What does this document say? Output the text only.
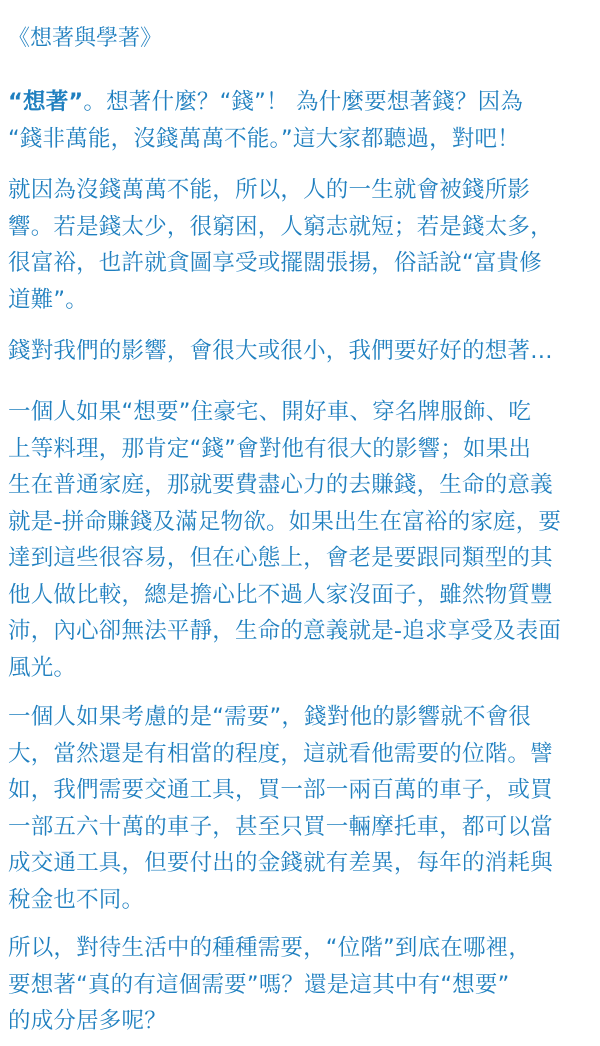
《想著與學著》
“想著”。想著什麼？“錢”！ 為什麼要想著錢？因為
“錢非萬能，沒錢萬萬不能。”這大家都聽過，對吧！
就因為沒錢萬萬不能，所以，人的一生就會被錢所影
響。若是錢太少，很窮困，人窮志就短；若是錢太多，
很富裕，也許就貪圖享受或擺闊張揚，俗話說“富貴修
道難”。
錢對我們的影響，會很大或很小，我們要好好的想著…
一個人如果“想要”住豪宅、開好車、穿名牌服飾、吃
上等料理，那肯定“錢”會對他有很大的影響；如果出
生在普通家庭，那就要費盡心力的去賺錢，生命的意義
就是-拼命賺錢及滿足物欲。如果出生在富裕的家庭，要
達到這些很容易，但在心態上，會老是要跟同類型的其
他人做比較，總是擔心比不過人家沒面子，雖然物質豐
沛，內心卻無法平靜，生命的意義就是-追求享受及表面
風光。
一個人如果考慮的是“需要”，錢對他的影響就不會很
大，當然還是有相當的程度，這就看他需要的位階。譬
如，我們需要交通工具，買一部一兩百萬的車子，或買
一部五六十萬的車子，甚至只買一輛摩托車，都可以當
成交通工具，但要付出的金錢就有差異，每年的消耗與
稅金也不同。
所以，對待生活中的種種需要，“位階”到底在哪裡，
要想著“真的有這個需要”嗎？還是這其中有“想要”
的成分居多呢？
